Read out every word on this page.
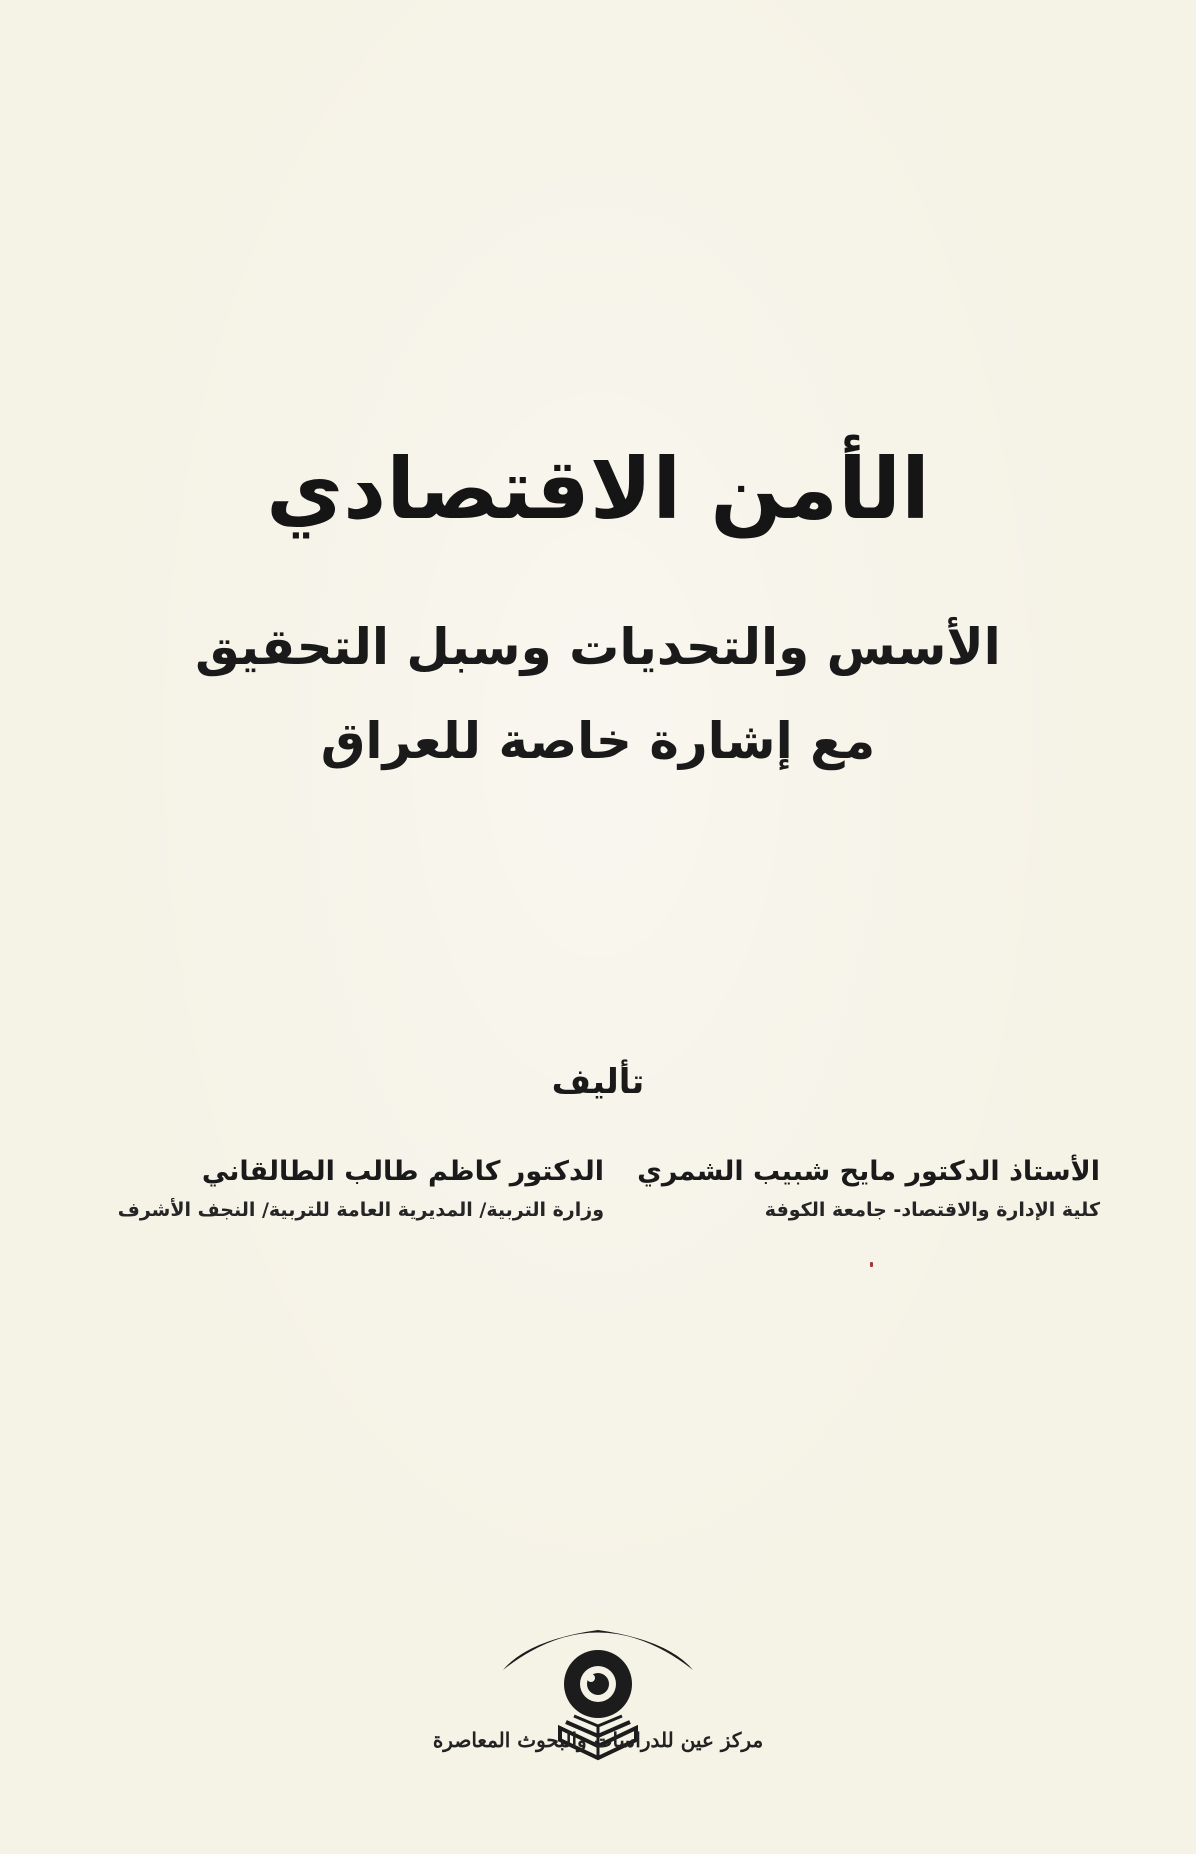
الأمن الاقتصادي
الأسس والتحديات وسبل التحقيق
مع إشارة خاصة للعراق
تأليف
الأستاذ الدكتور مايح شبيب الشمري
كلية الإدارة والاقتصاد- جامعة الكوفة
الدكتور كاظم طالب الطالقاني
وزارة التربية/ المديرية العامة للتربية/ النجف الأشرف
مركز عين للدراسات والبحوث المعاصرة
